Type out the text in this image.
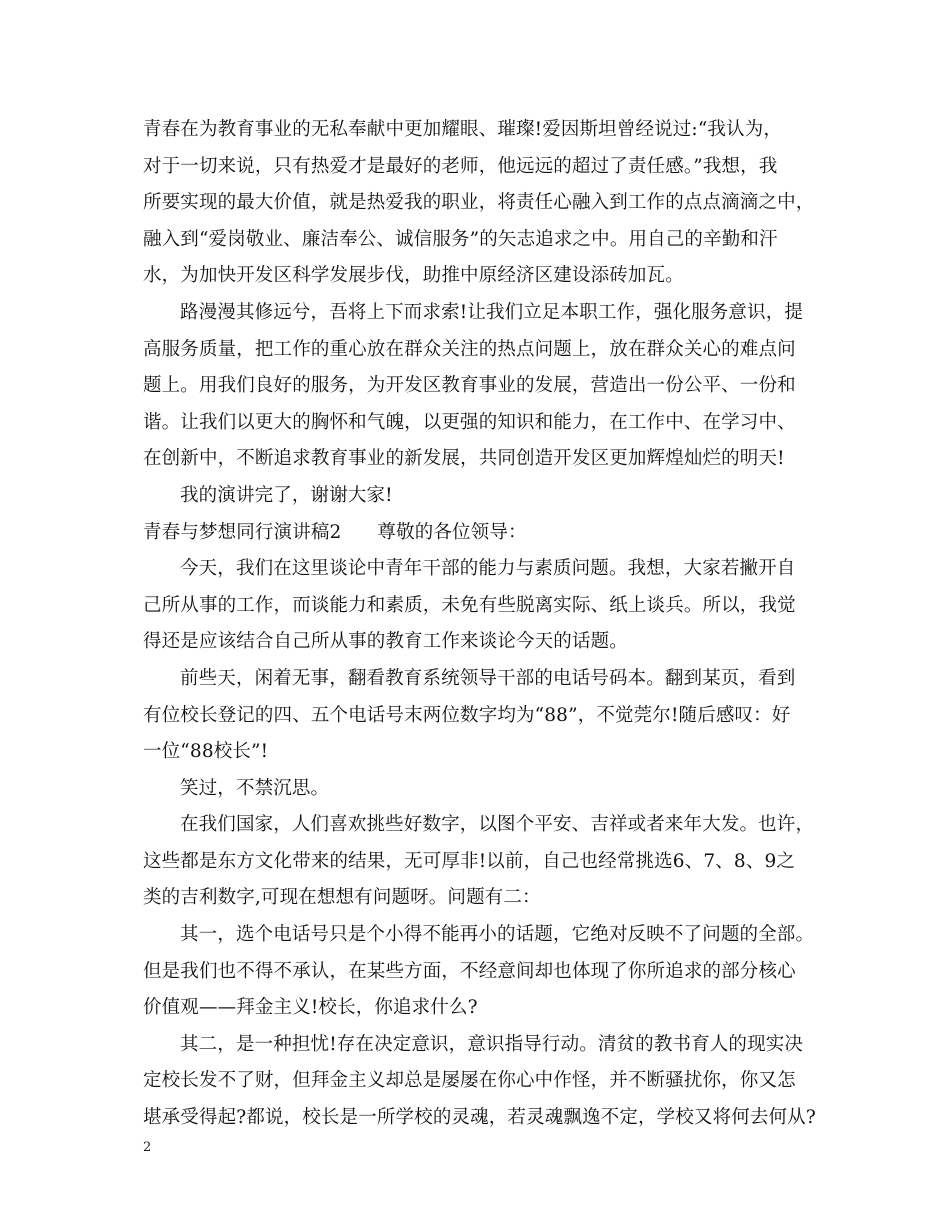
青春在为教育事业的无私奉献中更加耀眼、璀璨!爱因斯坦曾经说过:“我认为，
对于一切来说，只有热爱才是最好的老师，他远远的超过了责任感。”我想，我
所要实现的最大价值，就是热爱我的职业，将责任心融入到工作的点点滴滴之中，
融入到“爱岗敬业、廉洁奉公、诚信服务”的矢志追求之中。用自己的辛勤和汗
水，为加快开发区科学发展步伐，助推中原经济区建设添砖加瓦。
路漫漫其修远兮，吾将上下而求索!让我们立足本职工作，强化服务意识，提
高服务质量，把工作的重心放在群众关注的热点问题上，放在群众关心的难点问
题上。用我们良好的服务，为开发区教育事业的发展，营造出一份公平、一份和
谐。让我们以更大的胸怀和气魄，以更强的知识和能力，在工作中、在学习中、
在创新中，不断追求教育事业的新发展，共同创造开发区更加辉煌灿烂的明天!
我的演讲完了，谢谢大家!
青春与梦想同行演讲稿2 尊敬的各位领导：
今天，我们在这里谈论中青年干部的能力与素质问题。我想，大家若撇开自
己所从事的工作，而谈能力和素质，未免有些脱离实际、纸上谈兵。所以，我觉
得还是应该结合自己所从事的教育工作来谈论今天的话题。
前些天，闲着无事，翻看教育系统领导干部的电话号码本。翻到某页，看到
有位校长登记的四、五个电话号末两位数字均为“88”，不觉莞尔!随后感叹：好
一位“88校长”!
笑过，不禁沉思。
在我们国家，人们喜欢挑些好数字，以图个平安、吉祥或者来年大发。也许，
这些都是东方文化带来的结果，无可厚非!以前，自己也经常挑选6、7、8、9之
类的吉利数字,可现在想想有问题呀。问题有二：
其一，选个电话号只是个小得不能再小的话题，它绝对反映不了问题的全部。
但是我们也不得不承认，在某些方面，不经意间却也体现了你所追求的部分核心
价值观——拜金主义!校长，你追求什么?
其二，是一种担忧!存在决定意识，意识指导行动。清贫的教书育人的现实决
定校长发不了财，但拜金主义却总是屡屡在你心中作怪，并不断骚扰你，你又怎
堪承受得起?都说，校长是一所学校的灵魂，若灵魂飘逸不定，学校又将何去何从?
2
